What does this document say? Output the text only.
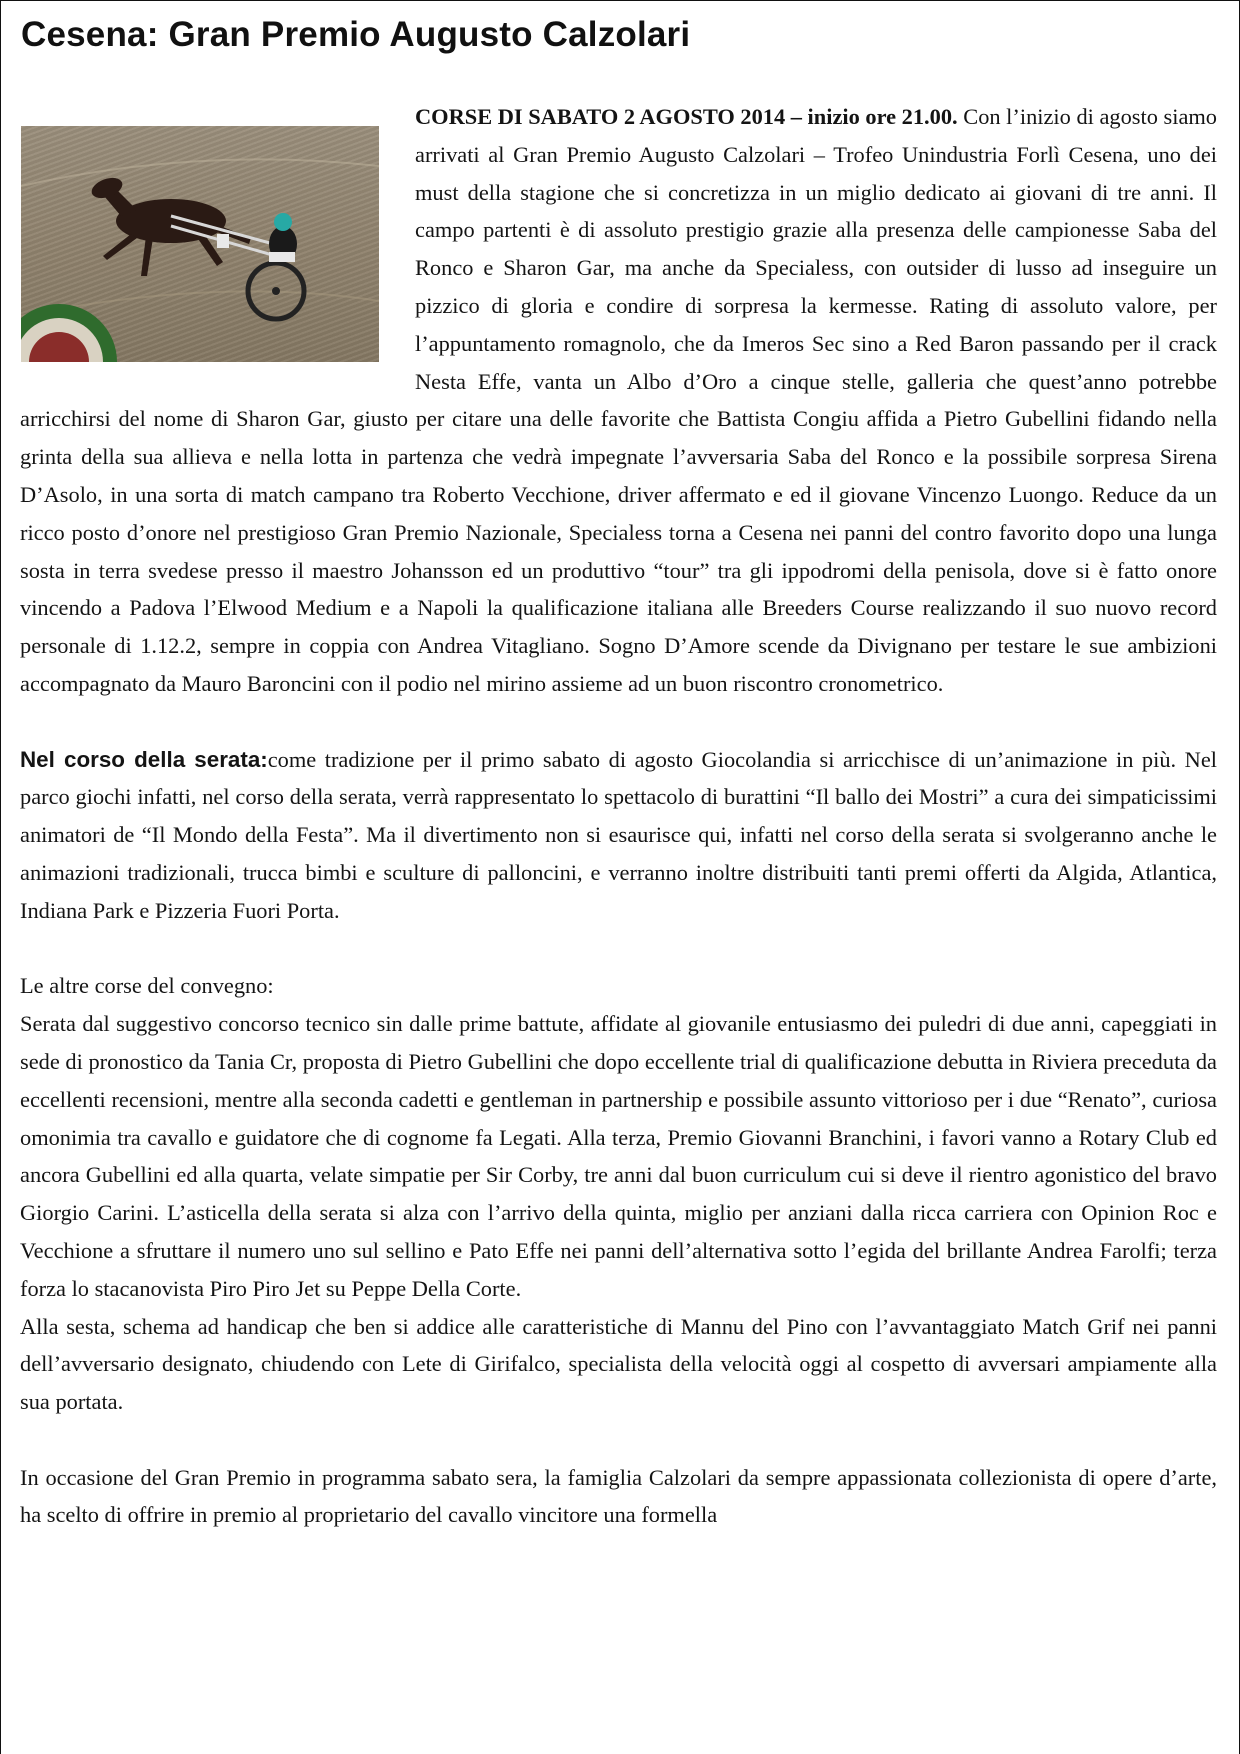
Cesena: Gran Premio Augusto Calzolari

CORSE DI SABATO 2 AGOSTO 2014 – inizio ore 21.00. Con l’inizio di agosto siamo arrivati al Gran Premio Augusto Calzolari – Trofeo Unindustria Forlì Cesena, uno dei must della stagione che si concretizza in un miglio dedicato ai giovani di tre anni. Il campo partenti è di assoluto prestigio grazie alla presenza delle campionesse Saba del Ronco e Sharon Gar, ma anche da Specialess, con outsider di lusso ad inseguire un pizzico di gloria e condire di sorpresa la kermesse. Rating di assoluto valore, per l’appuntamento romagnolo, che da Imeros Sec sino a Red Baron passando per il crack Nesta Effe, vanta un Albo d’Oro a cinque stelle, galleria che quest’anno potrebbe arricchirsi del nome di Sharon Gar, giusto per citare una delle favorite che Battista Congiu affida a Pietro Gubellini fidando nella grinta della sua allieva e nella lotta in partenza che vedrà impegnate l’avversaria Saba del Ronco e la possibile sorpresa Sirena D’Asolo, in una sorta di match campano tra Roberto Vecchione, driver affermato e ed il giovane Vincenzo Luongo. Reduce da un ricco posto d’onore nel prestigioso Gran Premio Nazionale, Specialess torna a Cesena nei panni del contro favorito dopo una lunga sosta in terra svedese presso il maestro Johansson ed un produttivo “tour” tra gli ippodromi della penisola, dove si è fatto onore vincendo a Padova l’Elwood Medium e a Napoli la qualificazione italiana alle Breeders Course realizzando il suo nuovo record personale di 1.12.2, sempre in coppia con Andrea Vitagliano. Sogno D’Amore scende da Divignano per testare le sue ambizioni accompagnato da Mauro Baroncini con il podio nel mirino assieme ad un buon riscontro cronometrico.

Nel corso della serata:come tradizione per il primo sabato di agosto Giocolandia si arricchisce di un’animazione in più. Nel parco giochi infatti, nel corso della serata, verrà rappresentato lo spettacolo di burattini “Il ballo dei Mostri” a cura dei simpaticissimi animatori de “Il Mondo della Festa”. Ma il divertimento non si esaurisce qui, infatti nel corso della serata si svolgeranno anche le animazioni tradizionali, trucca bimbi e sculture di palloncini, e verranno inoltre distribuiti tanti premi offerti da Algida, Atlantica, Indiana Park e Pizzeria Fuori Porta.

Le altre corse del convegno:

Serata dal suggestivo concorso tecnico sin dalle prime battute, affidate al giovanile entusiasmo dei puledri di due anni, capeggiati in sede di pronostico da Tania Cr, proposta di Pietro Gubellini che dopo eccellente trial di qualificazione debutta in Riviera preceduta da eccellenti recensioni, mentre alla seconda cadetti e gentleman in partnership e possibile assunto vittorioso per i due “Renato”, curiosa omonimia tra cavallo e guidatore che di cognome fa Legati. Alla terza, Premio Giovanni Branchini, i favori vanno a Rotary Club ed ancora Gubellini ed alla quarta, velate simpatie per Sir Corby, tre anni dal buon curriculum cui si deve il rientro agonistico del bravo Giorgio Carini. L’asticella della serata si alza con l’arrivo della quinta, miglio per anziani dalla ricca carriera con Opinion Roc e Vecchione a sfruttare il numero uno sul sellino e Pato Effe nei panni dell’alternativa sotto l’egida del brillante Andrea Farolfi; terza forza lo stacanovista Piro Piro Jet su Peppe Della Corte.

Alla sesta, schema ad handicap che ben si addice alle caratteristiche di Mannu del Pino con l’avvantaggiato Match Grif nei panni dell’avversario designato, chiudendo con Lete di Girifalco, specialista della velocità oggi al cospetto di avversari ampiamente alla sua portata.

In occasione del Gran Premio in programma sabato sera, la famiglia Calzolari da sempre appassionata collezionista di opere d’arte, ha scelto di offrire in premio al proprietario del cavallo vincitore una formella
